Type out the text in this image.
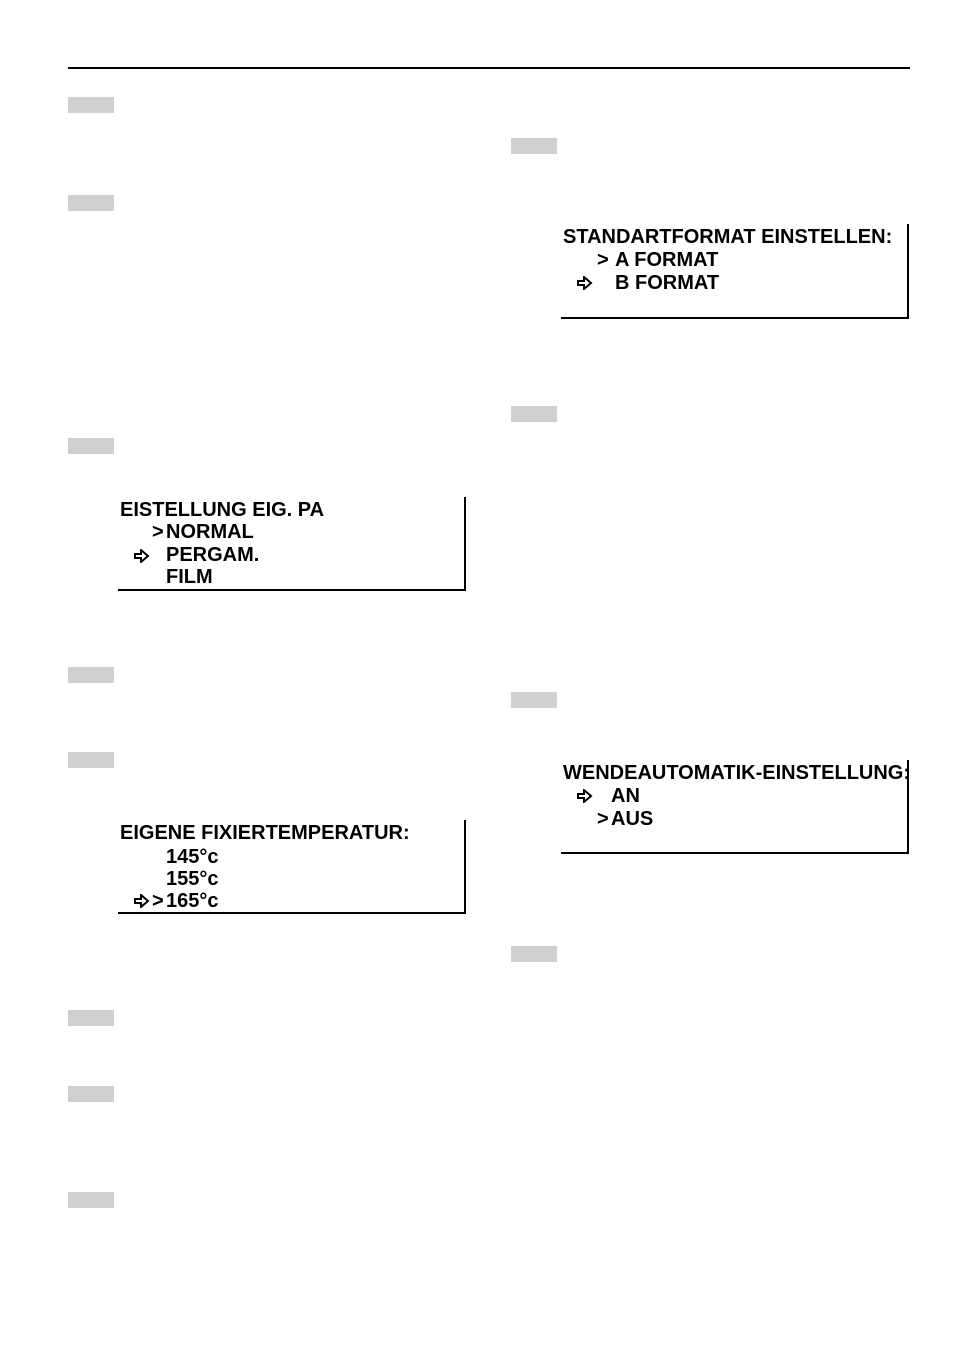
EISTELLUNG EIG. PA

>

NORMAL

PERGAM.

FILM

EIGENE FIXIERTEMPERATUR:

145°c

155°c

>

165°c

STANDARTFORMAT EINSTELLEN:

>

A FORMAT

B FORMAT

WENDEAUTOMATIK-EINSTELLUNG:

AN

>

AUS
